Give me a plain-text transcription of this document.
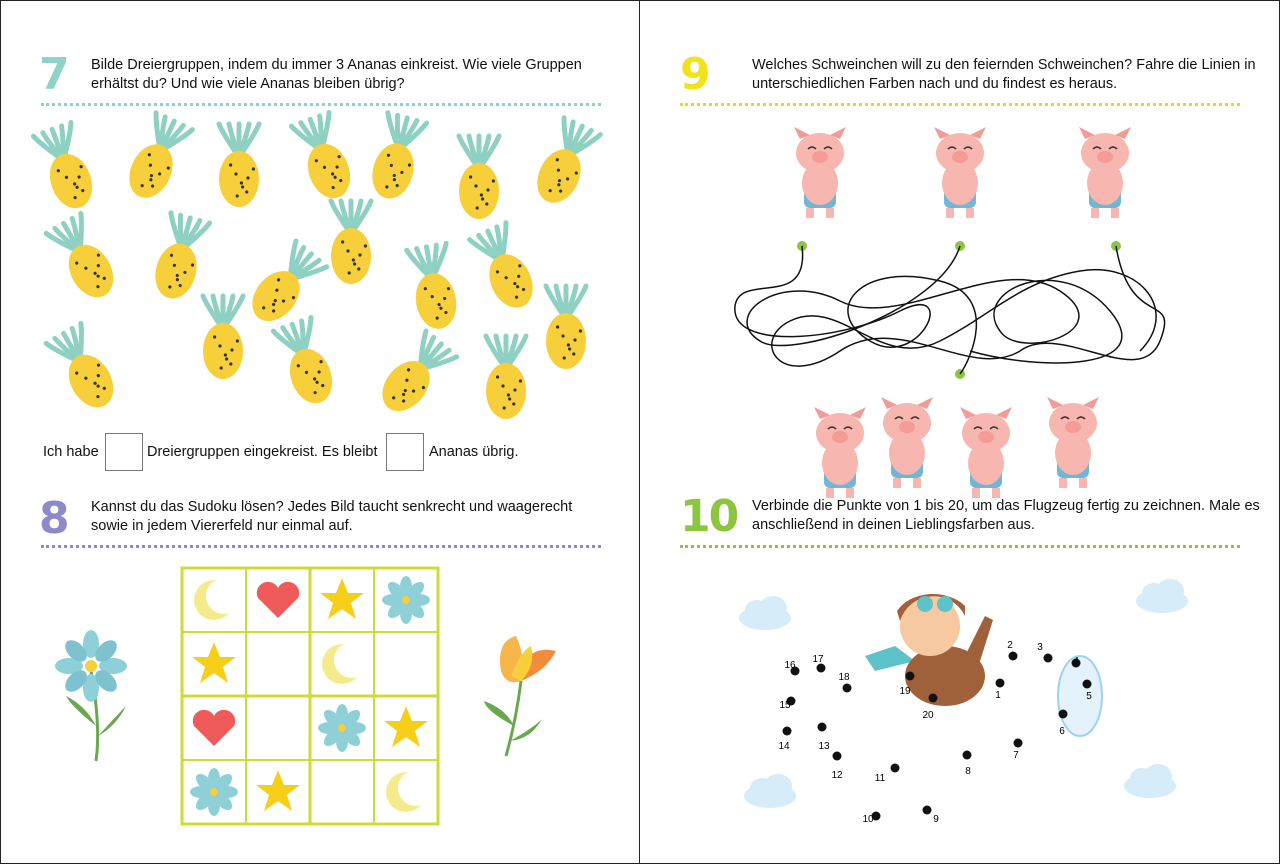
7 Bilde Dreiergruppen, indem du immer 3 Ananas einkreist. Wie viele Gruppen erhältst du? Und wie viele Ananas bleiben übrig?
Ich habe	Dreiergruppen eingekreist. Es bleibt	Ananas übrig.
8 Kannst du das Sudoku lösen? Jedes Bild taucht senkrecht und waagerecht sowie in jedem Viererfeld nur einmal auf.
9	Welches Schweinchen will zu den feiernden Schweinchen? Fahre die Linien in unterschiedlichen Farben nach und du findest es heraus.
10 Verbinde die Punkte von 1 bis 20, um das Flugzeug fertig zu zeichnen. Male es anschließend in deinen Lieblingsfarben aus.
1
2 3
4
5
6
7
8
9
10
11
12
13
14
15
16
17
18
19
20
